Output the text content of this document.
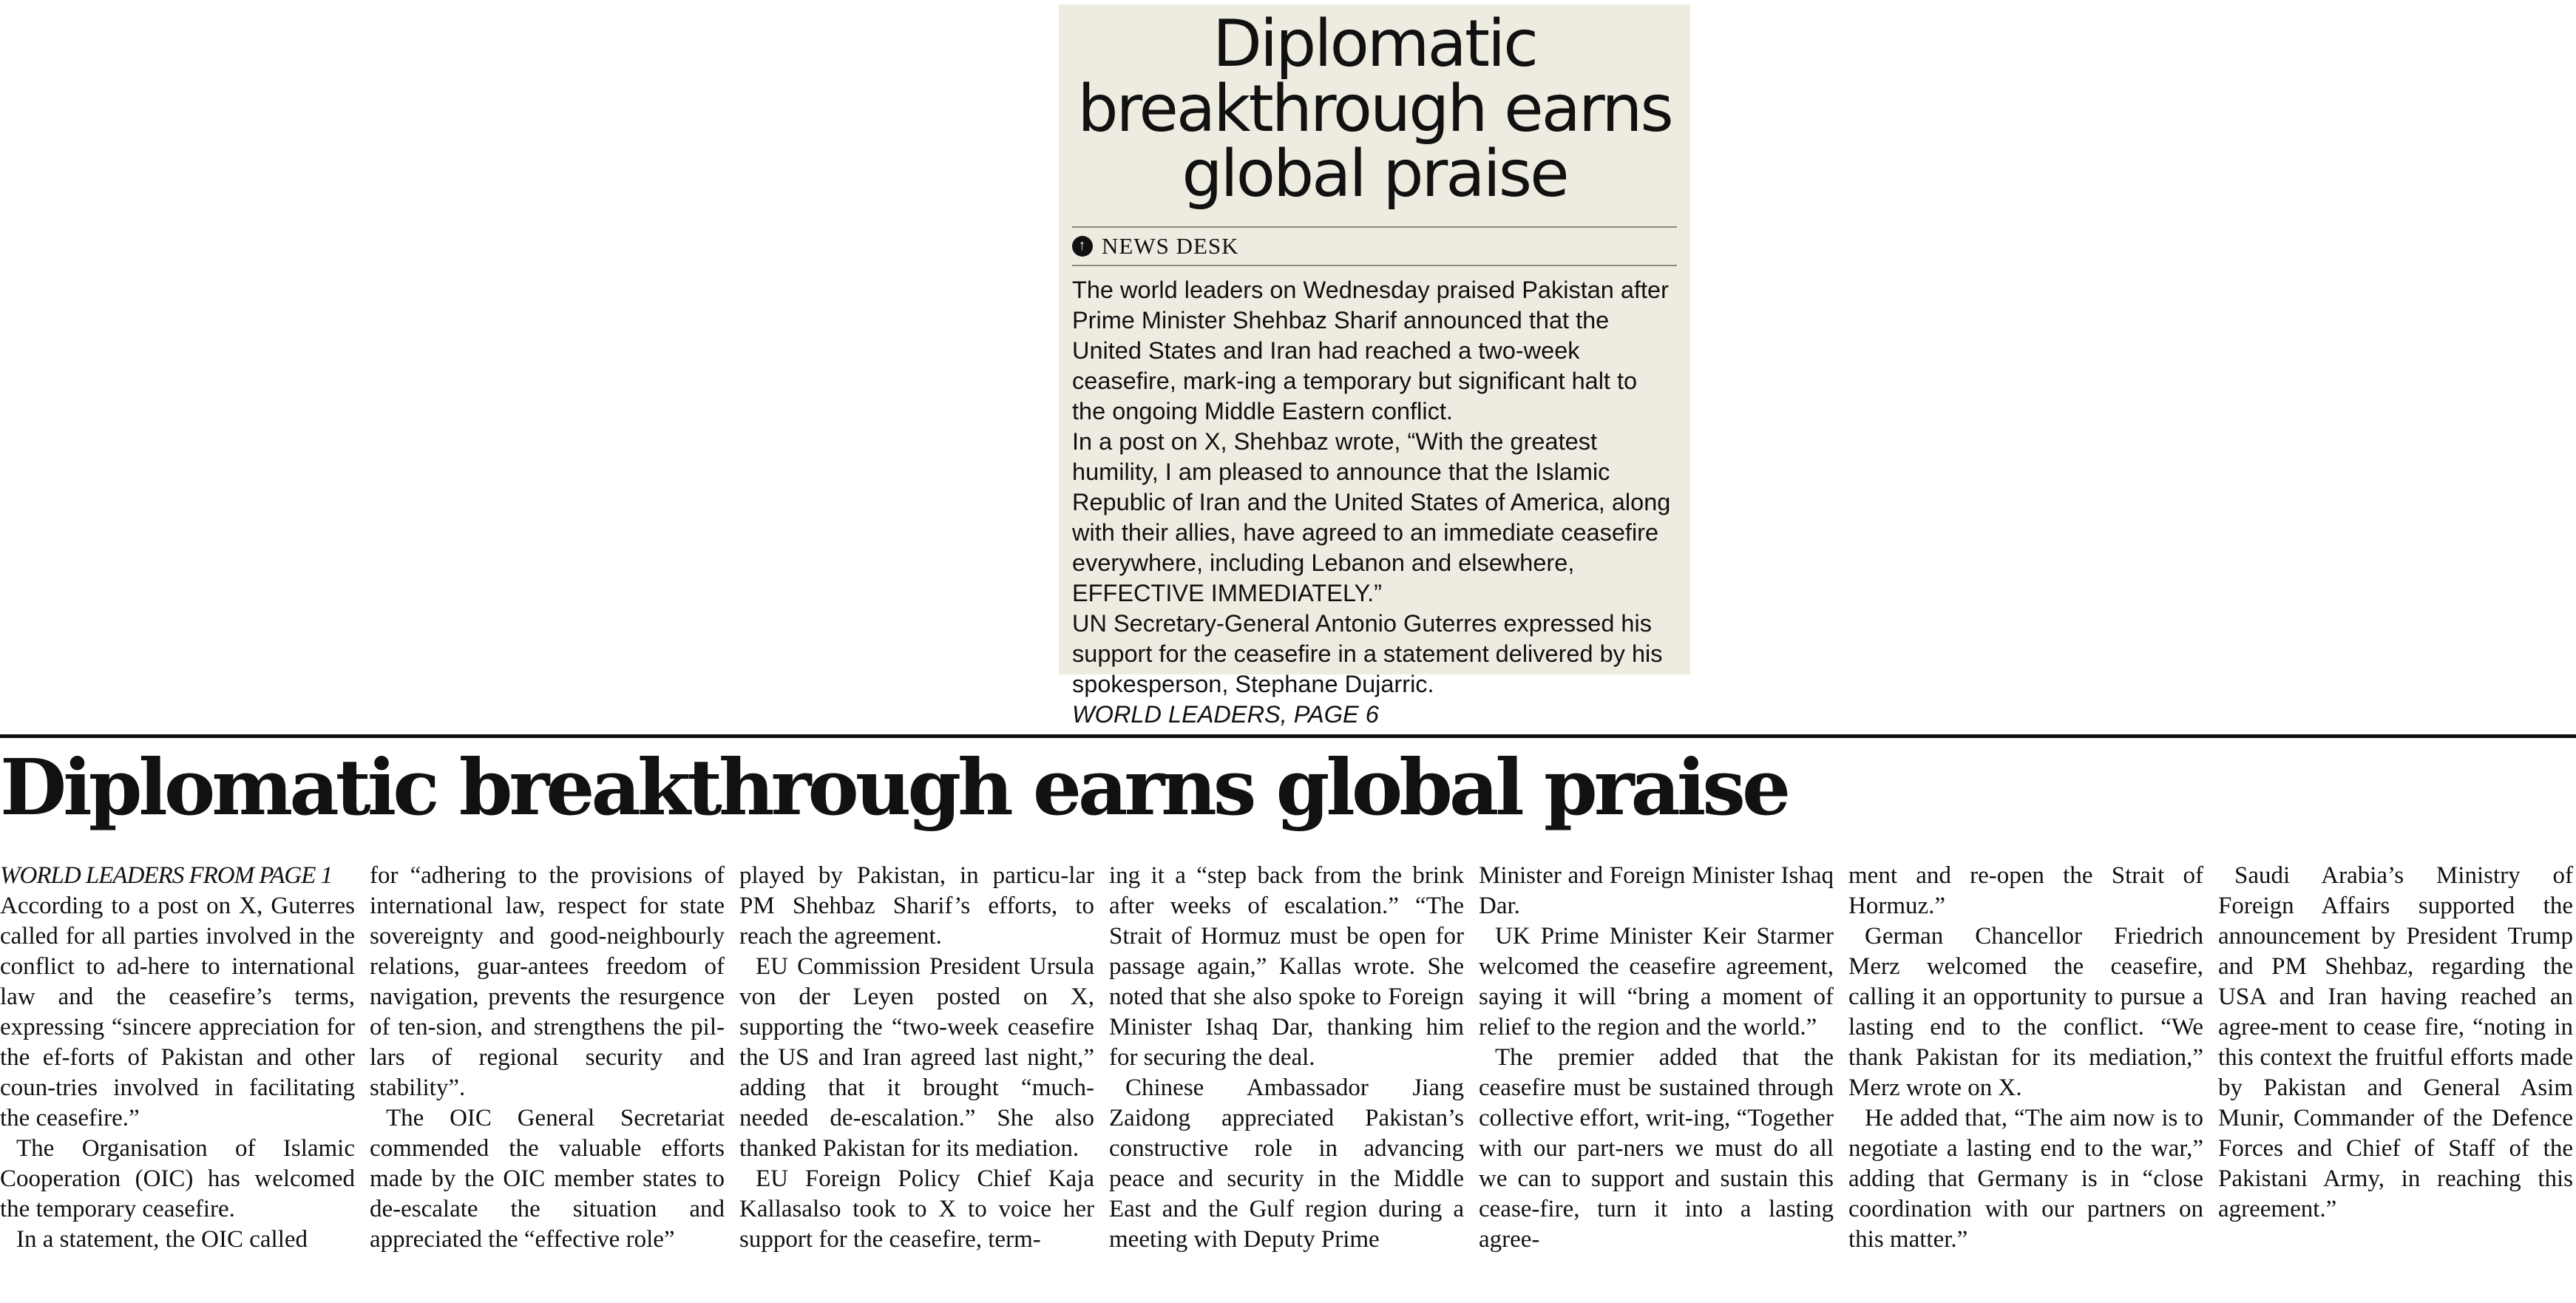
Diplomatic breakthrough earns global praise
↑ NEWS DESK

The world leaders on Wednesday praised Pakistan after Prime Minister Shehbaz Sharif announced that the United States and Iran had reached a two-week ceasefire, mark-ing a temporary but significant halt to the ongoing Middle Eastern conflict.

In a post on X, Shehbaz wrote, “With the greatest humility, I am pleased to announce that the Islamic Republic of Iran and the United States of America, along with their allies, have agreed to an immediate ceasefire everywhere, including Lebanon and elsewhere, EFFECTIVE IMMEDIATELY.”

UN Secretary-General Antonio Guterres expressed his support for the ceasefire in a statement delivered by his spokesperson, Stephane Dujarric.

WORLD LEADERS, PAGE 6

Diplomatic breakthrough earns global praise

WORLD LEADERS FROM PAGE 1

According to a post on X, Guterres called for all parties involved in the conflict to ad-here to international law and the ceasefire’s terms, expressing “sincere appreciation for the ef-forts of Pakistan and other coun-tries involved in facilitating the ceasefire.”

The Organisation of Islamic Cooperation (OIC) has welcomed the temporary ceasefire.

In a statement, the OIC called

for “adhering to the provisions of international law, respect for state sovereignty and good-neighbourly relations, guar-antees freedom of navigation, prevents the resurgence of ten-sion, and strengthens the pil-lars of regional security and stability”.

The OIC General Secretariat commended the valuable efforts made by the OIC member states to de-escalate the situation and appreciated the “effective role”

played by Pakistan, in particu-lar PM Shehbaz Sharif’s efforts, to reach the agreement.

EU Commission President Ursula von der Leyen posted on X, supporting the “two-week ceasefire the US and Iran agreed last night,” adding that it brought “much-needed de-escalation.” She also thanked Pakistan for its mediation.

EU Foreign Policy Chief Kaja Kallasalso took to X to voice her support for the ceasefire, term-

ing it a “step back from the brink after weeks of escalation.” “The Strait of Hormuz must be open for passage again,” Kallas wrote. She noted that she also spoke to Foreign Minister Ishaq Dar, thanking him for securing the deal.

Chinese Ambassador Jiang Zaidong appreciated Pakistan’s constructive role in advancing peace and security in the Middle East and the Gulf region during a meeting with Deputy Prime

Minister and Foreign Minister Ishaq Dar.

UK Prime Minister Keir Starmer welcomed the ceasefire agreement, saying it will “bring a moment of relief to the region and the world.”

The premier added that the ceasefire must be sustained through collective effort, writ-ing, “Together with our part-ners we must do all we can to support and sustain this cease-fire, turn it into a lasting agree-

ment and re-open the Strait of Hormuz.”

German Chancellor Friedrich Merz welcomed the ceasefire, calling it an opportunity to pursue a lasting end to the conflict. “We thank Pakistan for its mediation,” Merz wrote on X.

He added that, “The aim now is to negotiate a lasting end to the war,” adding that Germany is in “close coordination with our partners on this matter.”

Saudi Arabia’s Ministry of Foreign Affairs supported the announcement by President Trump and PM Shehbaz, regarding the USA and Iran having reached an agree-ment to cease fire, “noting in this context the fruitful efforts made by Pakistan and General Asim Munir, Commander of the Defence Forces and Chief of Staff of the Pakistani Army, in reaching this agreement.”
